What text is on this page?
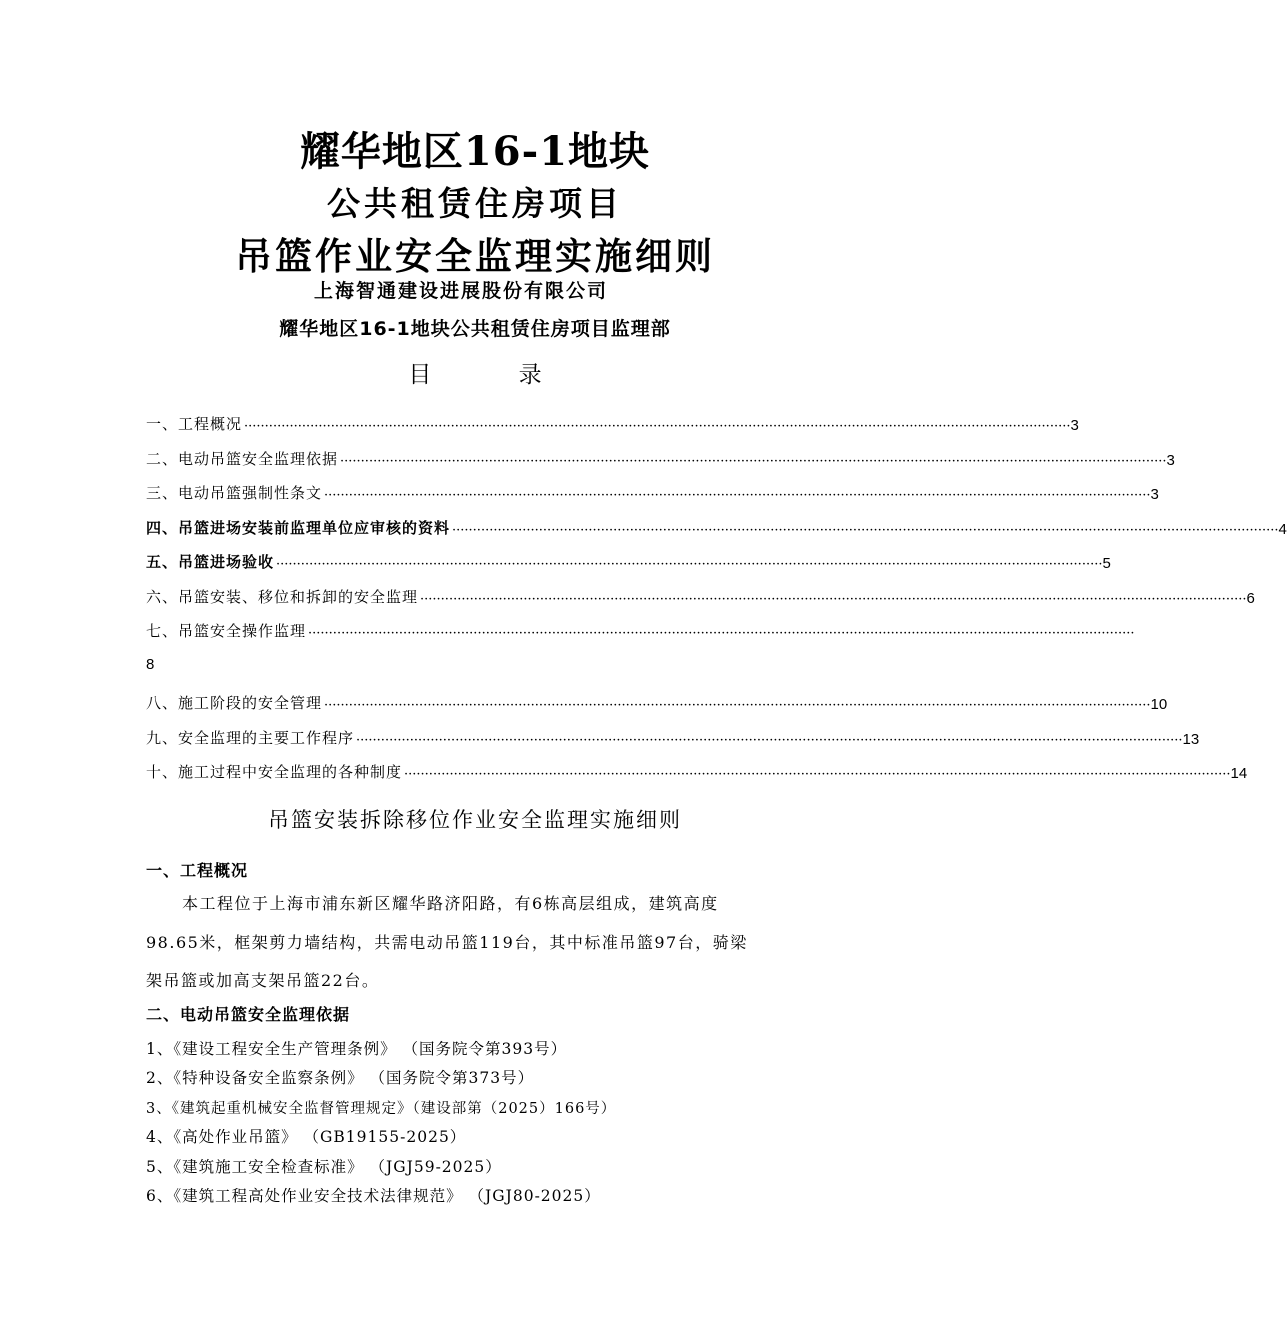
耀华地区16-1地块
公共租赁住房项目
吊篮作业安全监理实施细则
上海智通建设进展股份有限公司
耀华地区16-1地块公共租赁住房项目监理部
目 录
一、工程概况 ········································································································································································································ 3
二、电动吊篮安全监理依据 ········································································································································································································ 3
三、电动吊篮强制性条文 ········································································································································································································ 3
四、吊篮进场安装前监理单位应审核的资料 ········································································································································································································ 4
五、吊篮进场验收 ········································································································································································································ 5
六、吊篮安装、移位和拆卸的安全监理 ········································································································································································································ 6
七、吊篮安全操作监理 ········································································································································································································
8
八、施工阶段的安全管理 ········································································································································································································ 10
九、安全监理的主要工作程序 ········································································································································································································ 13
十、施工过程中安全监理的各种制度 ········································································································································································································ 14
吊篮安装拆除移位作业安全监理实施细则
一、工程概况
本工程位于上海市浦东新区耀华路济阳路，有6栋高层组成，建筑高度
98.65米，框架剪力墙结构，共需电动吊篮119台，其中标准吊篮97台，骑梁
架吊篮或加高支架吊篮22台。
二、电动吊篮安全监理依据
1、《建设工程安全生产管理条例》 （国务院令第393号）
2、《特种设备安全监察条例》 （国务院令第373号）
3、《建筑起重机械安全监督管理规定》（建设部第（2025）166号）
4、《高处作业吊篮》 （GB19155-2025）
5、《建筑施工安全检查标准》 （JGJ59-2025）
6、《建筑工程高处作业安全技术法律规范》 （JGJ80-2025）
